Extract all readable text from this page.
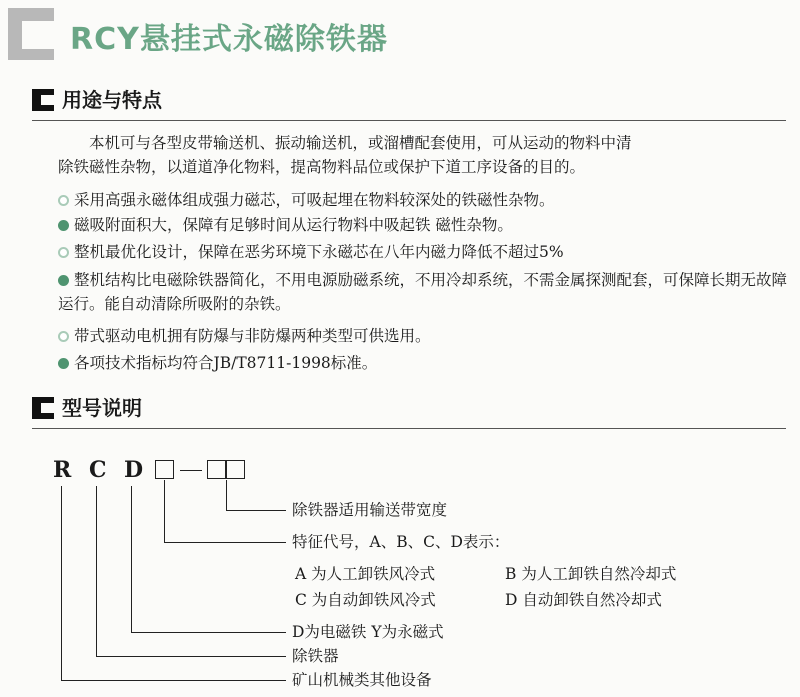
RCY悬挂式永磁除铁器
用途与特点

本机可与各型皮带输送机、振动输送机，或溜槽配套使用，可从运动的物料中清
除铁磁性杂物，以道道净化物料，提高物料品位或保护下道工序设备的目的。

采用高强永磁体组成强力磁芯，可吸起埋在物料较深处的铁磁性杂物。
磁吸附面积大，保障有足够时间从运行物料中吸起铁 磁性杂物。
整机最优化设计，保障在恶劣环境下永磁芯在八年内磁力降低不超过5%
整机结构比电磁除铁器简化，不用电源励磁系统，不用冷却系统，不需金属探测配套，可保障长期无故障运行。能自动清除所吸附的杂铁。
带式驱动电机拥有防爆与非防爆两种类型可供选用。
各项技术指标均符合JB/T8711-1998标准。
型号说明
R C D
除铁器适用输送带宽度
特征代号，A、B、C、D表示：
A 为人工卸铁风冷式	B 为人工卸铁自然冷却式
C 为自动卸铁风冷式	D 自动卸铁自然冷却式
D为电磁铁 Y为永磁式
除铁器
矿山机械类其他设备
